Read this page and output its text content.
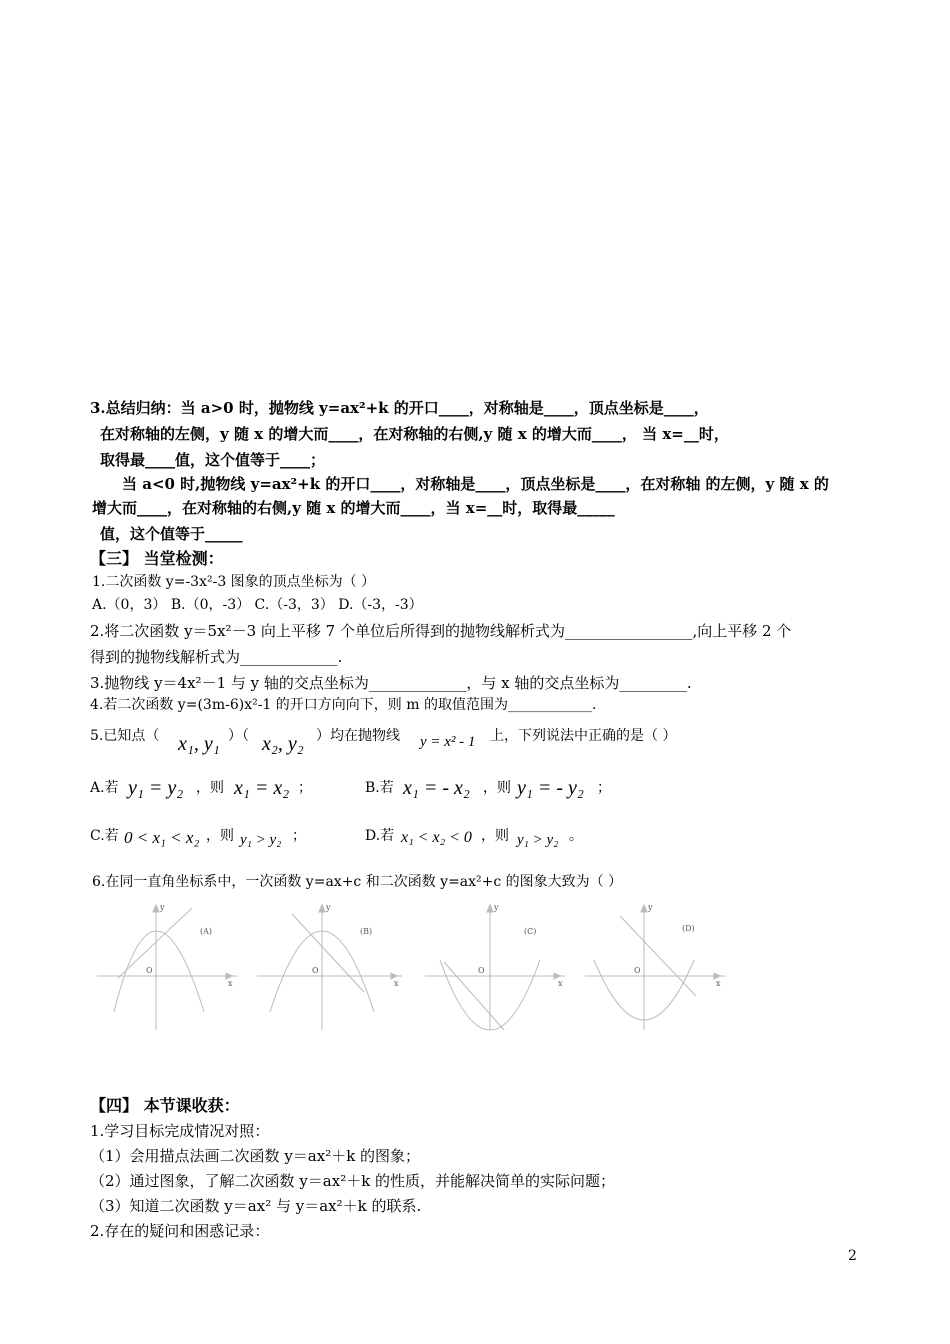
3.总结归纳：当 a>0 时，抛物线 y=ax²+k 的开口____，对称轴是____，顶点坐标是____，
在对称轴的左侧，y 随 x 的增大而____，在对称轴的右侧,y 随 x 的增大而____， 当 x=__时，
取得最____值，这个值等于____；
当 a<0 时,抛物线 y=ax²+k 的开口____，对称轴是____，顶点坐标是____，在对称轴 的左侧，y 随 x 的
增大而____，在对称轴的右侧,y 随 x 的增大而____，当 x=__时，取得最_____
值，这个值等于_____
【三】 当堂检测：
1.二次函数 y=-3x²-3 图象的顶点坐标为（ ）
A.（0，3） B.（0，-3） C.（-3，3） D.（-3，-3）
2.将二次函数 y＝5x²－3 向上平移 7 个单位后所得到的抛物线解析式为_________________,向上平移 2 个
得到的抛物线解析式为_____________.
3.抛物线 y＝4x²－1 与 y 轴的交点坐标为_____________，与 x 轴的交点坐标为_________.
4.若二次函数 y=(3m-6)x²-1 的开口方向向下，则 m 的取值范围为____________.
5.已知点（ x₁, y₁ ）（ x₂, y₂ ）均在抛物线 y = x² - 1 上，下列说法中正确的是（ ）
A.若 y₁ = y₂ ，则 x₁ = x₂ ；	B.若 x₁ = - x₂ ，则 y₁ = - y₂ ；
C.若 0 < x₁ < x₂ ，则 y₁ > y₂ ；	D.若 x₁ < x₂ < 0 ，则 y₁ > y₂ 。
6.在同一直角坐标系中，一次函数 y=ax+c 和二次函数 y=ax²+c 的图象大致为（ ）
y
x
O
(A)
y
x
O
(B)
y
x
O
(C)
y
x
O
(D)
【四】 本节课收获：
1.学习目标完成情况对照：
（1）会用描点法画二次函数 y＝ax²＋k 的图象；
（2）通过图象，了解二次函数 y＝ax²＋k 的性质，并能解决简单的实际问题；
（3）知道二次函数 y＝ax² 与 y＝ax²＋k 的联系.
2.存在的疑问和困惑记录：
2
